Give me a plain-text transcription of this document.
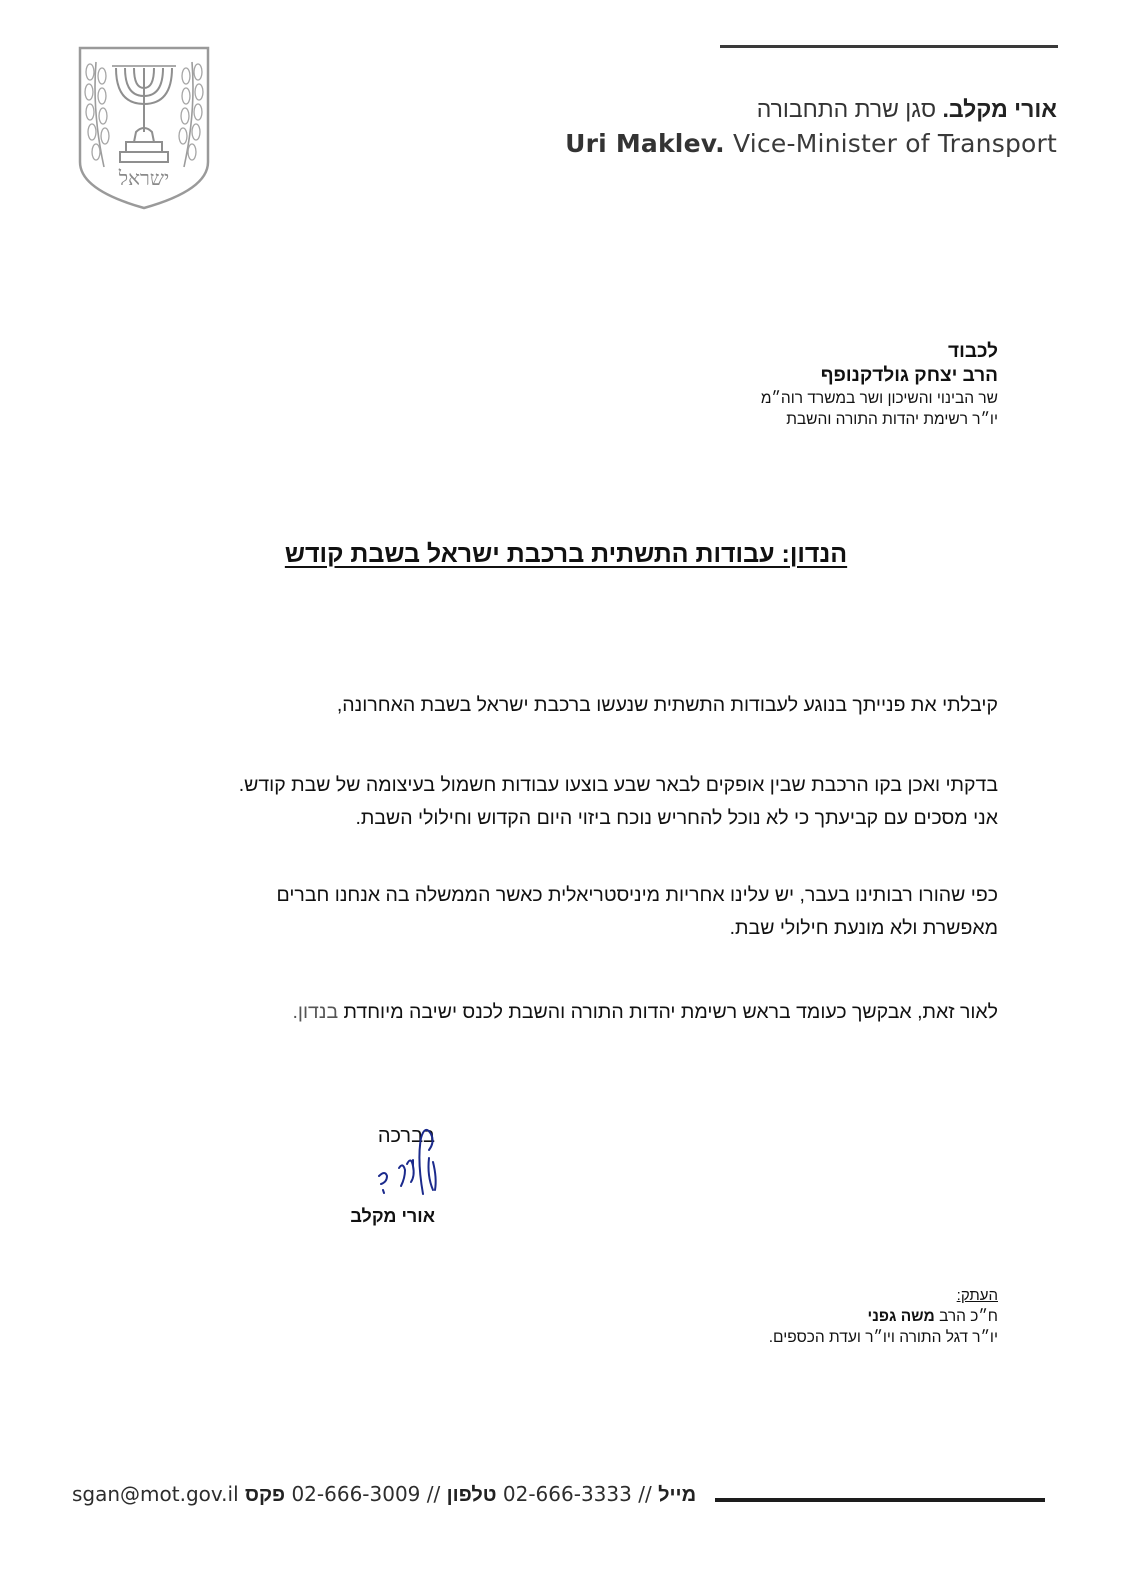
ישראל
אורי מקלב. סגן שרת התחבורה
Uri Maklev. Vice-Minister of Transport
לכבוד
הרב יצחק גולדקנופף
שר הבינוי והשיכון ושר במשרד רוה״מ
יו״ר רשימת יהדות התורה והשבת
הנדון: עבודות התשתית ברכבת ישראל בשבת קודש
קיבלתי את פנייתך בנוגע לעבודות התשתית שנעשו ברכבת ישראל בשבת האחרונה,
בדקתי ואכן בקו הרכבת שבין אופקים לבאר שבע בוצעו עבודות חשמול בעיצומה של שבת קודש.
אני מסכים עם קביעתך כי לא נוכל להחריש נוכח ביזוי היום הקדוש וחילולי השבת.
כפי שהורו רבותינו בעבר, יש עלינו אחריות מיניסטריאלית כאשר הממשלה בה אנחנו חברים
מאפשרת ולא מונעת חילולי שבת.
לאור זאת, אבקשך כעומד בראש רשימת יהדות התורה והשבת לכנס ישיבה מיוחדת בנדון.
בברכה
אורי מקלב
העתק:
ח״כ הרב משה גפני
יו״ר דגל התורה ויו״ר ועדת הכספים.
sgan@mot.gov.il	מייל // 02-666-3333 טלפון // 02-666-3009 פקס
